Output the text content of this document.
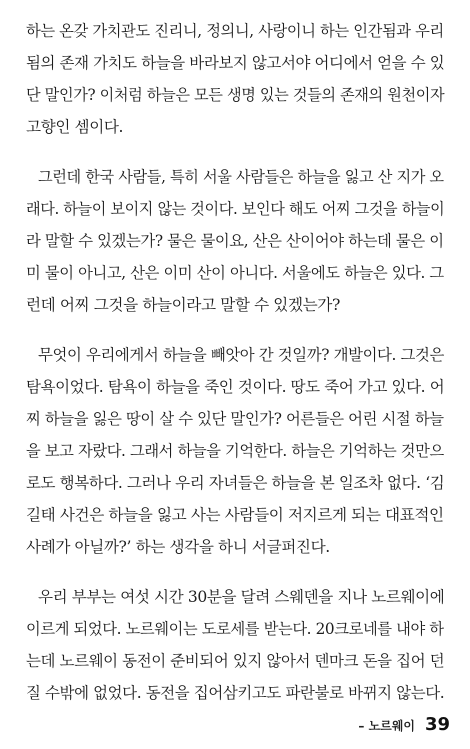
하는 온갖 가치관도 진리니, 정의니, 사랑이니 하는 인간됨과 우리
됨의 존재 가치도 하늘을 바라보지 않고서야 어디에서 얻을 수 있
단 말인가? 이처럼 하늘은 모든 생명 있는 것들의 존재의 원천이자
고향인 셈이다.
그런데 한국 사람들, 특히 서울 사람들은 하늘을 잃고 산 지가 오
래다. 하늘이 보이지 않는 것이다. 보인다 해도 어찌 그것을 하늘이
라 말할 수 있겠는가? 물은 물이요, 산은 산이어야 하는데 물은 이
미 물이 아니고, 산은 이미 산이 아니다. 서울에도 하늘은 있다. 그
런데 어찌 그것을 하늘이라고 말할 수 있겠는가?
무엇이 우리에게서 하늘을 빼앗아 간 것일까? 개발이다. 그것은
탐욕이었다. 탐욕이 하늘을 죽인 것이다. 땅도 죽어 가고 있다. 어
찌 하늘을 잃은 땅이 살 수 있단 말인가? 어른들은 어린 시절 하늘
을 보고 자랐다. 그래서 하늘을 기억한다. 하늘은 기억하는 것만으
로도 행복하다. 그러나 우리 자녀들은 하늘을 본 일조차 없다. ‘김
길태 사건은 하늘을 잃고 사는 사람들이 저지르게 되는 대표적인
사례가 아닐까?’ 하는 생각을 하니 서글퍼진다.
우리 부부는 여섯 시간 30분을 달려 스웨덴을 지나 노르웨이에
이르게 되었다. 노르웨이는 도로세를 받는다. 20크로네를 내야 하
는데 노르웨이 동전이 준비되어 있지 않아서 덴마크 돈을 집어 던
질 수밖에 없었다. 동전을 집어삼키고도 파란불로 바뀌지 않는다.
– 노르웨이 39
